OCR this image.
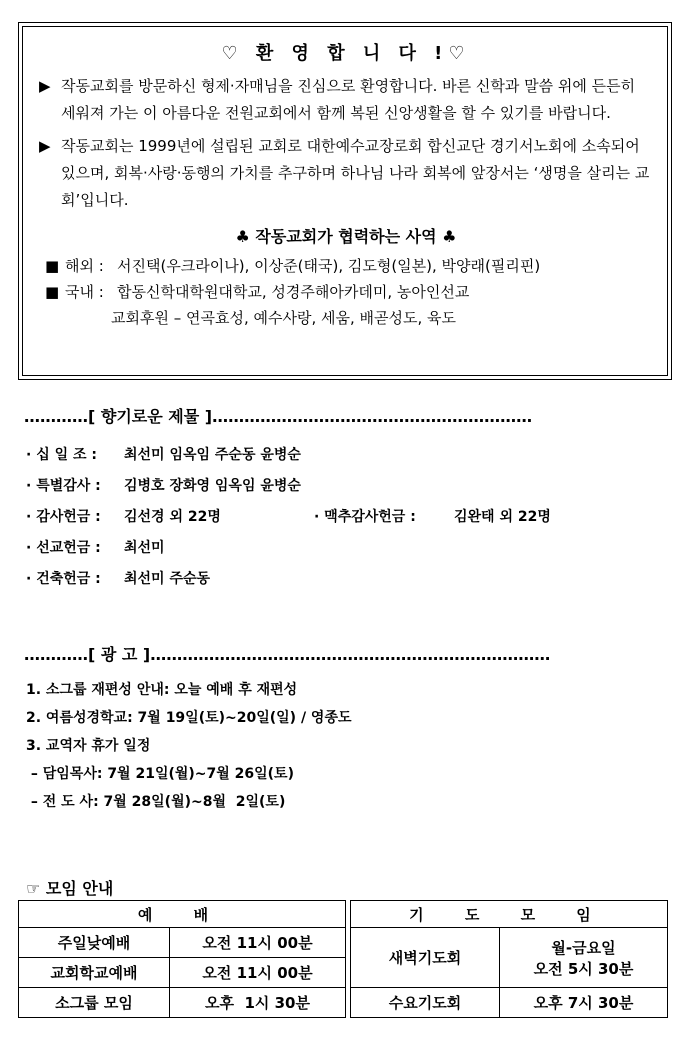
♡ 환 영 합 니 다 !♡
▶ 작동교회를 방문하신 형제·자매님을 진심으로 환영합니다. 바른 신학과 말씀 위에 든든히 세워져 가는 이 아름다운 전원교회에서 함께 복된 신앙생활을 할 수 있기를 바랍니다.

▶ 작동교회는 1999년에 설립된 교회로 대한예수교장로회 합신교단 경기서노회에 소속되어 있으며, 회복·사랑·동행의 가치를 추구하며 하나님 나라 회복에 앞장서는 ‘생명을 살리는 교회’입니다.

♣ 작동교회가 협력하는 사역 ♣
■ 해외 : 서진택(우크라이나), 이상준(태국), 김도형(일본), 박양래(필리핀)
■ 국내 : 합동신학대학원대학교, 성경주해아카데미, 농아인선교
교회후원 – 연곡효성, 예수사랑, 세움, 배곧성도, 육도
…………[ 향기로운 제물 ]……………………………………………………
· 십 일 조 :	최선미 임옥임 주순동 윤병순
· 특별감사 :	김병호 장화영 임옥임 윤병순
· 감사헌금 :	김선경 외 22명	· 맥추감사헌금 :	김완태 외 22명
· 선교헌금 :	최선미
· 건축헌금 :	최선미 주순동
…………[ 광 고 ]…………………………………………………………………
1. 소그룹 재편성 안내: 오늘 예배 후 재편성
2. 여름성경학교: 7월 19일(토)~20일(일) / 영종도
3. 교역자 휴가 일정
– 담임목사: 7월 21일(월)~7월 26일(토)
– 전 도 사: 7월 28일(월)~8월  2일(토)
☞ 모임 안내
예 배			기 도 모 임	
주일낮예배	오전 11시 00분		새벽기도회	월-금요일
오전 5시 30분

교회학교예배	오전 11시 00분			
소그룹 모임	오후  1시 30분		수요기도회	오후 7시 30분
